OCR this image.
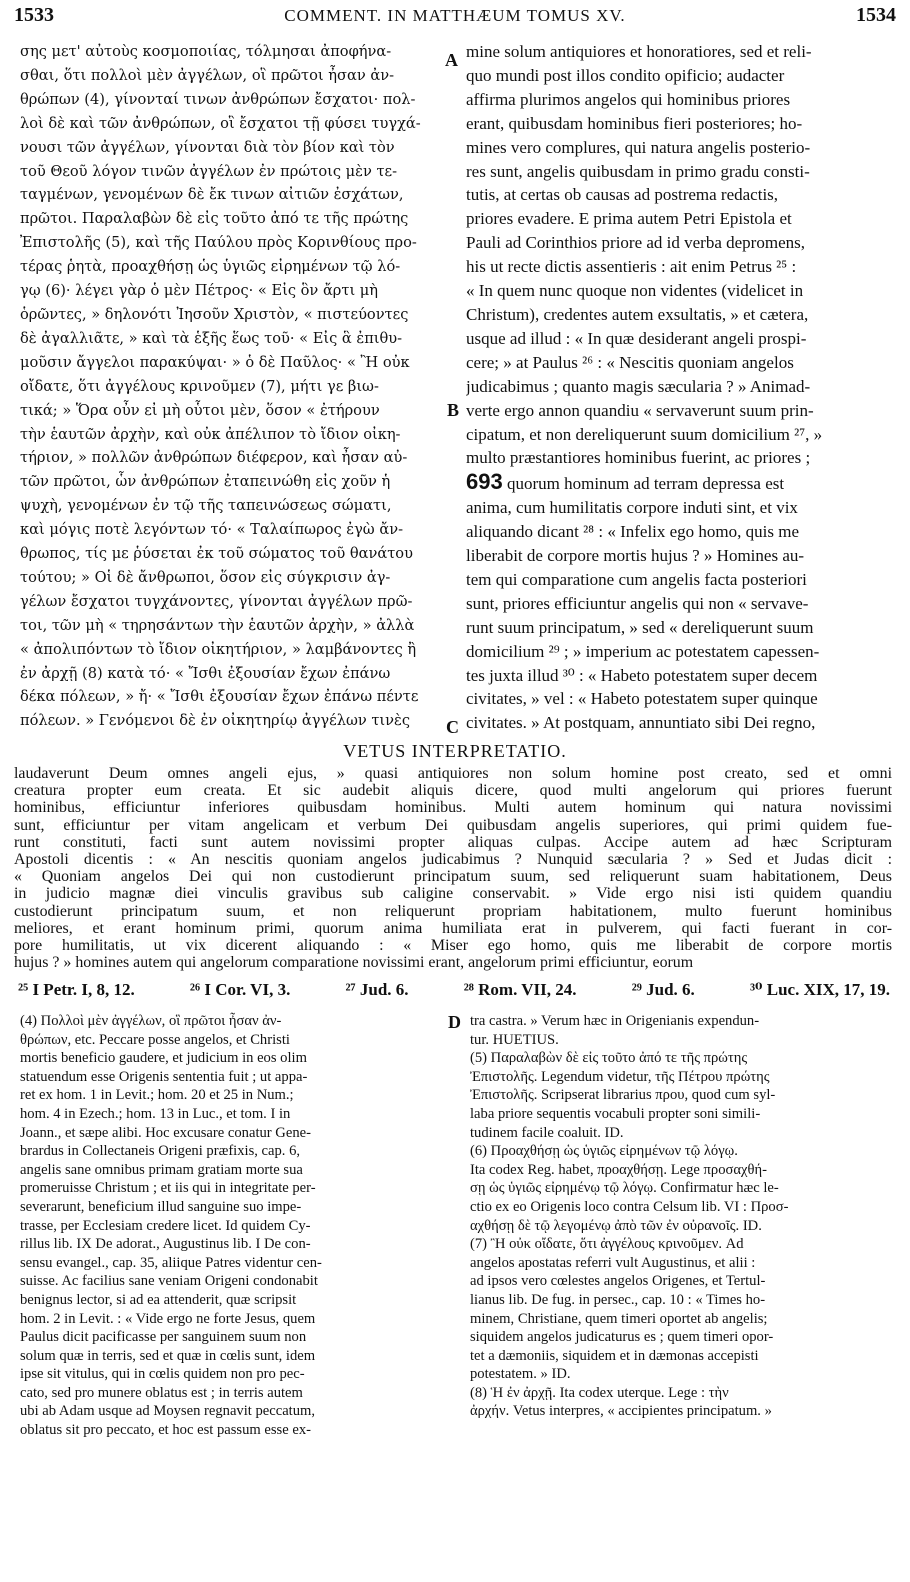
1533	COMMENT. IN MATTHÆUM TOMUS XV.	1534
σης μετ' αὐτοὺς κοσμοποιίας, τόλμησαι ἀποφήνα-
σθαι, ὅτι πολλοὶ μὲν ἀγγέλων, οἳ πρῶτοι ἦσαν ἀν-
θρώπων (4), γίνονταί τινων ἀνθρώπων ἔσχατοι· πολ-
λοὶ δὲ καὶ τῶν ἀνθρώπων, οἳ ἔσχατοι τῇ φύσει τυγχά-
νουσι τῶν ἀγγέλων, γίνονται διὰ τὸν βίον καὶ τὸν
τοῦ Θεοῦ λόγον τινῶν ἀγγέλων ἐν πρώτοις μὲν τε-
ταγμένων, γενομένων δὲ ἔκ τινων αἰτιῶν ἐσχάτων,
πρῶτοι. Παραλαβὼν δὲ εἰς τοῦτο ἀπό τε τῆς πρώτης
Ἐπιστολῆς (5), καὶ τῆς Παύλου πρὸς Κορινθίους προ-
τέρας ῥητὰ, προαχθήσῃ ὡς ὑγιῶς εἰρημένων τῷ λό-
γῳ (6)· λέγει γὰρ ὁ μὲν Πέτρος· « Εἰς ὃν ἄρτι μὴ
ὁρῶντες, » δηλονότι Ἰησοῦν Χριστὸν, « πιστεύοντες
δὲ ἀγαλλιᾶτε, » καὶ τὰ ἑξῆς ἕως τοῦ· « Εἰς ἃ ἐπιθυ-
μοῦσιν ἄγγελοι παρακύψαι· » ὁ δὲ Παῦλος· « Ἢ οὐκ
οἴδατε, ὅτι ἀγγέλους κρινοῦμεν (7), μήτι γε βιω-
τικά; » Ὅρα οὖν εἰ μὴ οὗτοι μὲν, ὅσον « ἐτήρουν
τὴν ἑαυτῶν ἀρχὴν, καὶ οὐκ ἀπέλιπον τὸ ἴδιον οἰκη-
τήριον, » πολλῶν ἀνθρώπων διέφερον, καὶ ἦσαν αὐ-
τῶν πρῶτοι, ὧν ἀνθρώπων ἐταπεινώθη εἰς χοῦν ἡ
ψυχὴ, γενομένων ἐν τῷ τῆς ταπεινώσεως σώματι,
καὶ μόγις ποτὲ λεγόντων τό· « Ταλαίπωρος ἐγὼ ἄν-
θρωπος, τίς με ῥύσεται ἐκ τοῦ σώματος τοῦ θανάτου
τούτου; » Οἱ δὲ ἄνθρωποι, ὅσον εἰς σύγκρισιν ἀγ-
γέλων ἔσχατοι τυγχάνοντες, γίνονται ἀγγέλων πρῶ-
τοι, τῶν μὴ « τηρησάντων τὴν ἑαυτῶν ἀρχὴν, » ἀλλὰ
« ἀπολιπόντων τὸ ἴδιον οἰκητήριον, » λαμβάνοντες ἢ
ἐν ἀρχῇ (8) κατὰ τό· « Ἴσθι ἐξουσίαν ἔχων ἐπάνω
δέκα πόλεων, » ἤ· « Ἴσθι ἐξουσίαν ἔχων ἐπάνω πέντε
πόλεων. » Γενόμενοι δὲ ἐν οἰκητηρίῳ ἀγγέλων τινὲς
mine solum antiquiores et honoratiores, sed et reli-
quo mundi post illos condito opificio; audacter
affirma plurimos angelos qui hominibus priores
erant, quibusdam hominibus fieri posteriores; ho-
mines vero complures, qui natura angelis posterio-
res sunt, angelis quibusdam in primo gradu consti-
tutis, at certas ob causas ad postrema redactis,
priores evadere. E prima autem Petri Epistola et
Pauli ad Corinthios priore ad id verba depromens,
his ut recte dictis assentieris : ait enim Petrus ²⁵ :
« In quem nunc quoque non videntes (videlicet in
Christum), credentes autem exsultatis, » et cætera,
usque ad illud : « In quæ desiderant angeli prospi-
cere; » at Paulus ²⁶ : « Nescitis quoniam angelos
judicabimus ; quanto magis sæcularia ? » Animad-
verte ergo annon quandiu « servaverunt suum prin-
cipatum, et non dereliquerunt suum domicilium ²⁷, »
multo præstantiores hominibus fuerint, ac priores ;
693 quorum hominum ad terram depressa est
anima, cum humilitatis corpore induti sint, et vix
aliquando dicant ²⁸ : « Infelix ego homo, quis me
liberabit de corpore mortis hujus ? » Homines au-
tem qui comparatione cum angelis facta posteriori
sunt, priores efficiuntur angelis qui non « servave-
runt suum principatum, » sed « dereliquerunt suum
domicilium ²⁹ ; » imperium ac potestatem capessen-
tes juxta illud ³⁰ : « Habeto potestatem super decem
civitates, » vel : « Habeto potestatem super quinque
civitates. » At postquam, annuntiato sibi Dei regno,
A
B
C
VETUS INTERPRETATIO.
laudaverunt Deum omnes angeli ejus, » quasi antiquiores non solum homine post creato, sed et omni
creatura propter eum creata. Et sic audebit aliquis dicere, quod multi angelorum qui priores fuerunt
hominibus, efficiuntur inferiores quibusdam hominibus. Multi autem hominum qui natura novissimi
sunt, efficiuntur per vitam angelicam et verbum Dei quibusdam angelis superiores, qui primi quidem fue-
runt constituti, facti sunt autem novissimi propter aliquas culpas. Accipe autem ad hæc Scripturam
Apostoli dicentis : « An nescitis quoniam angelos judicabimus ? Nunquid sæcularia ? » Sed et Judas dicit :
« Quoniam angelos Dei qui non custodierunt principatum suum, sed reliquerunt suam habitationem, Deus
in judicio magnæ diei vinculis gravibus sub caligine conservabit. » Vide ergo nisi isti quidem quandiu
custodierunt principatum suum, et non reliquerunt propriam habitationem, multo fuerunt hominibus
meliores, et erant hominum primi, quorum anima humiliata erat in pulverem, qui facti fuerant in cor-
pore humilitatis, ut vix dicerent aliquando : « Miser ego homo, quis me liberabit de corpore mortis
hujus ? » homines autem qui angelorum comparatione novissimi erant, angelorum primi efficiuntur, eorum
²⁵ I Petr. I, 8, 12.	²⁶ I Cor. VI, 3.	²⁷ Jud. 6.	²⁸ Rom. VII, 24.	²⁹ Jud. 6.	³⁰ Luc. XIX, 17, 19.
D
(4) Πολλοὶ μὲν ἀγγέλων, οἳ πρῶτοι ἦσαν ἀν-
θρώπων, etc. Peccare posse angelos, et Christi
mortis beneficio gaudere, et judicium in eos olim
statuendum esse Origenis sententia fuit ; ut appa-
ret ex hom. 1 in Levit.; hom. 20 et 25 in Num.;
hom. 4 in Ezech.; hom. 13 in Luc., et tom. I in
Joann., et sæpe alibi. Hoc excusare conatur Gene-
brardus in Collectaneis Origeni præfixis, cap. 6,
angelis sane omnibus primam gratiam morte sua
promeruisse Christum ; et iis qui in integritate per-
severarunt, beneficium illud sanguine suo impe-
trasse, per Ecclesiam credere licet. Id quidem Cy-
rillus lib. IX De adorat., Augustinus lib. I De con-
sensu evangel., cap. 35, aliique Patres videntur cen-
suisse. Ac facilius sane veniam Origeni condonabit
benignus lector, si ad ea attenderit, quæ scripsit
hom. 2 in Levit. : « Vide ergo ne forte Jesus, quem
Paulus dicit pacificasse per sanguinem suum non
solum quæ in terris, sed et quæ in cœlis sunt, idem
ipse sit vitulus, qui in cœlis quidem non pro pec-
cato, sed pro munere oblatus est ; in terris autem
ubi ab Adam usque ad Moysen regnavit peccatum,
oblatus sit pro peccato, et hoc est passum esse ex-
tra castra. » Verum hæc in Origenianis expendun-
tur. HUETIUS.
(5) Παραλαβὼν δὲ εἰς τοῦτο ἀπό τε τῆς πρώτης
Ἐπιστολῆς. Legendum videtur, τῆς Πέτρου πρώτης
Ἐπιστολῆς. Scripserat librarius πρου, quod cum syl-
laba priore sequentis vocabuli propter soni simili-
tudinem facile coaluit. ID.
(6) Προαχθήσῃ ὡς ὑγιῶς εἰρημένων τῷ λόγῳ.
Ita codex Reg. habet, προαχθήσῃ. Lege προσαχθή-
σῃ ὡς ὑγιῶς εἰρημένῳ τῷ λόγῳ. Confirmatur hæc le-
ctio ex eo Origenis loco contra Celsum lib. VI : Προσ-
αχθήσῃ δὲ τῷ λεγομένῳ ἀπὸ τῶν ἐν οὐρανοῖς. ID.
(7) Ἢ οὐκ οἴδατε, ὅτι ἀγγέλους κρινοῦμεν. Ad
angelos apostatas referri vult Augustinus, et alii :
ad ipsos vero cœlestes angelos Origenes, et Tertul-
lianus lib. De fug. in persec., cap. 10 : « Times ho-
minem, Christiane, quem timeri oportet ab angelis;
siquidem angelos judicaturus es ; quem timeri opor-
tet a dæmoniis, siquidem et in dæmonas accepisti
potestatem. » ID.
(8) Ἡ ἐν ἀρχῇ. Ita codex uterque. Lege : τὴν
ἀρχήν. Vetus interpres, « accipientes principatum. »
